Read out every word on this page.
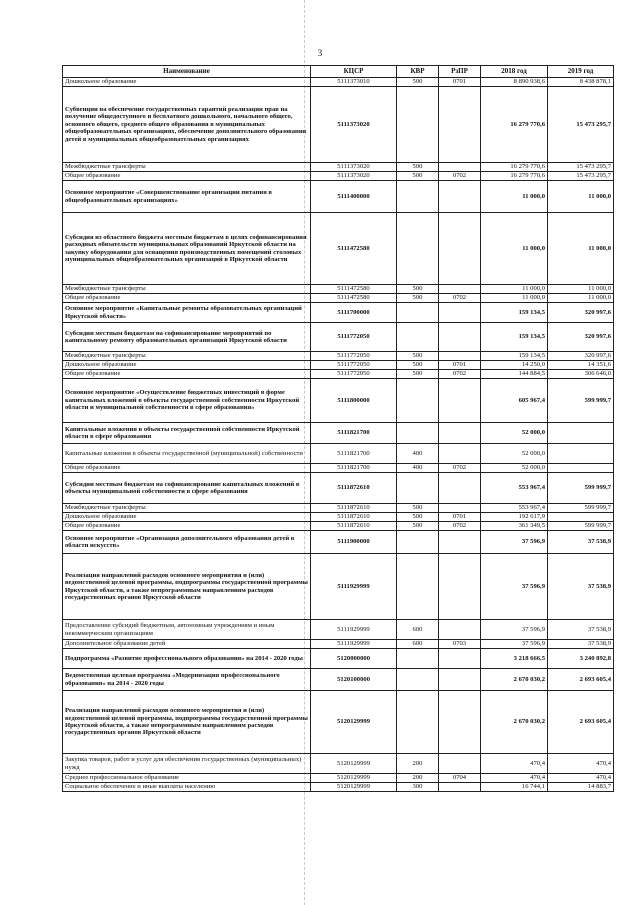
3
Наименование	КЦСР	КВР	РзПР	2018 год	2019 год
Дошкольное образование	5111373010	500	0701	8 890 938,6	8 438 878,1
Субвенции на обеспечение государственных гарантий реализации прав на получение общедоступного и бесплатного дошкольного, начального общего, основного общего, среднего общего образования в муниципальных общеобразовательных организациях, обеспечение дополнительного образования детей в муниципальных общеобразовательных организациях	5111373020			16 279 770,6	15 473 295,7
Межбюджетные трансферты	5111373020	500		16 279 770,6	15 473 295,7
Общее образование	5111373020	500	0702	16 279 770,6	15 473 295,7
Основное мероприятие «Совершенствование организации питания в общеобразовательных организациях»	5111400000			11 000,0	11 000,0
Субсидия из областного бюджета местным бюджетам в целях софинансирования расходных обязательств муниципальных образований Иркутской области на закупку оборудования для оснащения производственных помещений столовых муниципальных общеобразовательных организаций в Иркутской области	5111472580			11 000,0	11 000,0
Межбюджетные трансферты	5111472580	500		11 000,0	11 000,0
Общее образование	5111472580	500	0702	11 000,0	11 000,0
Основное мероприятие «Капитальные ремонты образовательных организаций Иркутской области»	5111700000			159 134,5	320 997,6
Субсидии местным бюджетам на софинансирование мероприятий по капитальному ремонту образовательных организаций Иркутской области	5111772050			159 134,5	320 997,6
Межбюджетные трансферты	5111772050	500		159 134,5	320 997,6
Дошкольное образование	5111772050	500	0701	14 250,0	14 351,6
Общее образование	5111772050	500	0702	144 884,5	306 646,0
Основное мероприятие «Осуществление бюджетных инвестиций в форме капитальных вложений в объекты государственной собственности Иркутской области и муниципальной собственности в сфере образования»	5111800000			605 967,4	599 999,7
Капитальные вложения в объекты государственной собственности Иркутской области в сфере образования	5111821700			52 000,0	
Капитальные вложения в объекты государственной (муниципальной) собственности	5111821700	400		52 000,0	
Общее образование	5111821700	400	0702	52 000,0	
Субсидии местным бюджетам на софинансирование капитальных вложений в объекты муниципальной собственности в сфере образования	5111872610			553 967,4	599 999,7
Межбюджетные трансферты	5111872610	500		553 967,4	599 999,7
Дошкольное образование	5111872610	500	0701	192 617,9	
Общее образование	5111872610	500	0702	361 349,5	599 999,7
Основное мероприятие «Организация дополнительного образования детей в области искусств»	5111900000			37 596,9	37 538,9
Реализация направлений расходов основного мероприятия и (или) ведомственной целевой программы, подпрограммы государственной программы Иркутской области, а также непрограммным направлениям расходов государственных органов Иркутской области	5111929999			37 596,9	37 538,9
Предоставление субсидий бюджетным, автономным учреждениям и иным некоммерческим организациям	5111929999	600		37 596,9	37 538,9
Дополнительное образование детей	5111929999	600	0703	37 596,9	37 538,9
Подпрограмма «Развитие профессионального образования» на 2014 - 2020 годы	5120000000			3 218 666,5	3 240 892,8
Ведомственная целевая программа «Модернизация профессионального образования» на 2014 - 2020 годы	5120100000			2 670 030,2	2 693 605,4
Реализация направлений расходов основного мероприятия и (или) ведомственной целевой программы, подпрограммы государственной программы Иркутской области, а также непрограммным направлениям расходов государственных органов Иркутской области	5120129999			2 670 030,2	2 693 605,4
Закупка товаров, работ и услуг для обеспечения государственных (муниципальных) нужд	5120129999	200		470,4	470,4
Среднее профессиональное образование	5120129999	200	0704	470,4	470,4
Социальное обеспечение и иные выплаты населению	5120129999	300		16 744,1	14 883,7
